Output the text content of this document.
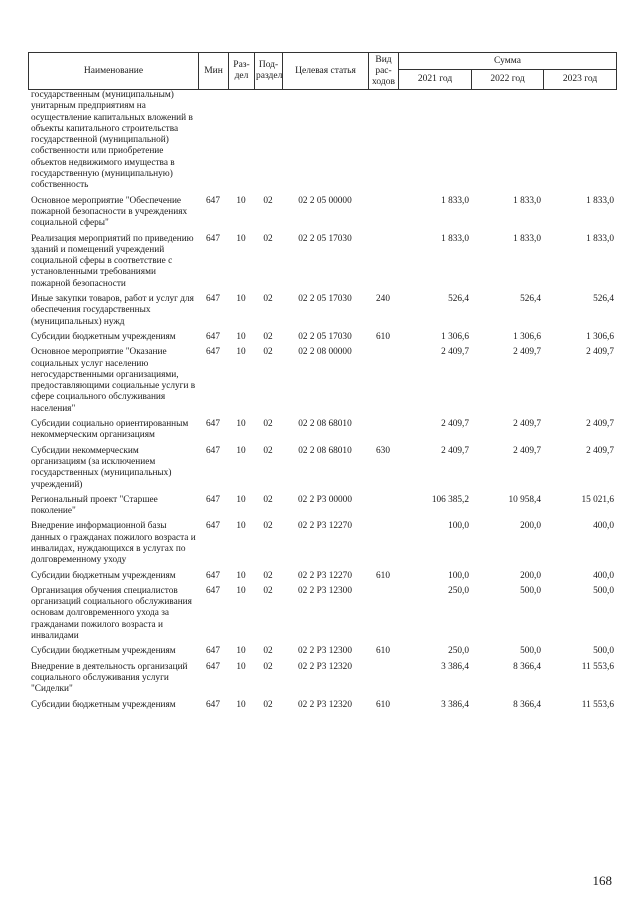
Наименование	Мин	Раз-дел	Под-раздел	Целевая статья	Вид рас-ходов	Сумма		
						2021 год	2022 год	2023 год
государственным (муниципальным) унитарным предприятиям на осуществление капитальных вложений в объекты капитального строительства государственной (муниципальной) собственности или приобретение объектов недвижимого имущества в государственную (муниципальную) собственность								
Основное мероприятие "Обеспечение пожарной безопасности в учреждениях социальной сферы"	647	10	02	02 2 05 00000		1 833,0	1 833,0	1 833,0
Реализация мероприятий по приведению зданий и помещений учреждений социальной сферы в соответствие с установленными требованиями пожарной безопасности	647	10	02	02 2 05 17030		1 833,0	1 833,0	1 833,0
Иные закупки товаров, работ и услуг для обеспечения государственных (муниципальных) нужд	647	10	02	02 2 05 17030	240	526,4	526,4	526,4
Субсидии бюджетным учреждениям	647	10	02	02 2 05 17030	610	1 306,6	1 306,6	1 306,6
Основное мероприятие "Оказание социальных услуг населению негосударственными организациями, предоставляющими социальные услуги в сфере социального обслуживания населения"	647	10	02	02 2 08 00000		2 409,7	2 409,7	2 409,7
Субсидии социально ориентированным некоммерческим организациям	647	10	02	02 2 08 68010		2 409,7	2 409,7	2 409,7
Субсидии некоммерческим организациям (за исключением государственных (муниципальных) учреждений)	647	10	02	02 2 08 68010	630	2 409,7	2 409,7	2 409,7
Региональный проект "Старшее поколение"	647	10	02	02 2 P3 00000		106 385,2	10 958,4	15 021,6
Внедрение информационной базы данных о гражданах пожилого возраста и инвалидах, нуждающихся в услугах по долговременному уходу	647	10	02	02 2 P3 12270		100,0	200,0	400,0
Субсидии бюджетным учреждениям	647	10	02	02 2 P3 12270	610	100,0	200,0	400,0
Организация обучения специалистов организаций социального обслуживания основам долговременного ухода за гражданами пожилого возраста и инвалидами	647	10	02	02 2 P3 12300		250,0	500,0	500,0
Субсидии бюджетным учреждениям	647	10	02	02 2 P3 12300	610	250,0	500,0	500,0
Внедрение в деятельность организаций социального обслуживания услуги "Сиделки"	647	10	02	02 2 P3 12320		3 386,4	8 366,4	11 553,6
Субсидии бюджетным учреждениям	647	10	02	02 2 P3 12320	610	3 386,4	8 366,4	11 553,6
168
